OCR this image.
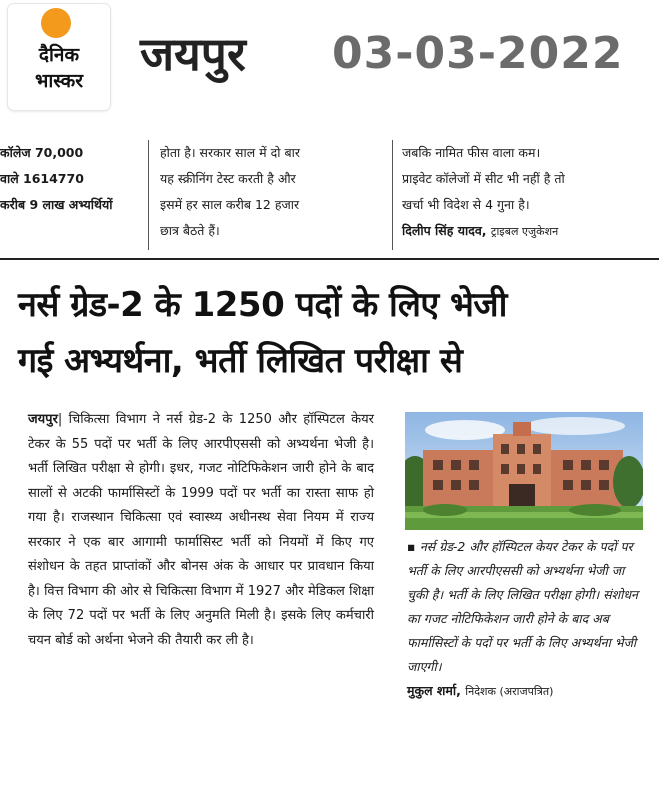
दैनिक
भास्कर	जयपुर 03-03-2022
कॉलेज 70,000
वाले 1614770
करीब 9 लाख अभ्यर्थियों
होता है। सरकार साल में दो बार
यह स्क्रीनिंग टेस्ट करती है और
इसमें हर साल करीब 12 हजार
छात्र बैठते हैं।
जबकि नामित फीस वाला कम।
प्राइवेट कॉलेजों में सीट भी नहीं है तो
खर्चा भी विदेश से 4 गुना है।
दिलीप सिंह यादव, ट्राइबल एजुकेशन
नर्स ग्रेड-2 के 1250 पदों के लिए भेजी
गई अभ्यर्थना, भर्ती लिखित परीक्षा से
जयपुर| चिकित्सा विभाग ने नर्स ग्रेड-2 के 1250 और हॉस्पिटल केयर टेकर के 55 पदों पर भर्ती के लिए आरपीएससी को अभ्यर्थना भेजी है। भर्ती लिखित परीक्षा से होगी। इधर, गजट नोटिफिकेशन जारी होने के बाद सालों से अटकी फार्मासिस्टों के 1999 पदों पर भर्ती का रास्ता साफ हो गया है। राजस्थान चिकित्सा एवं स्वास्थ्य अधीनस्थ सेवा नियम में राज्य सरकार ने एक बार आगामी फार्मासिस्ट भर्ती को नियमों में किए गए संशोधन के तहत प्राप्तांकों और बोनस अंक के आधार पर प्रावधान किया है। वित्त विभाग की ओर से चिकित्सा विभाग में 1927 और मेडिकल शिक्षा के लिए 72 पदों पर भर्ती के लिए अनुमति मिली है। इसके लिए कर्मचारी चयन बोर्ड को अर्थना भेजने की तैयारी कर ली है।
▪ नर्स ग्रेड-2 और हॉस्पिटल केयर टेकर के पदों पर भर्ती के लिए आरपीएससी को अभ्यर्थना भेजी जा चुकी है। भर्ती के लिए लिखित परीक्षा होगी। संशोधन का गजट नोटिफिकेशन जारी होने के बाद अब फार्मासिस्टों के पदों पर भर्ती के लिए अभ्यर्थना भेजी जाएगी।
मुकुल शर्मा, निदेशक (अराजपत्रित)
